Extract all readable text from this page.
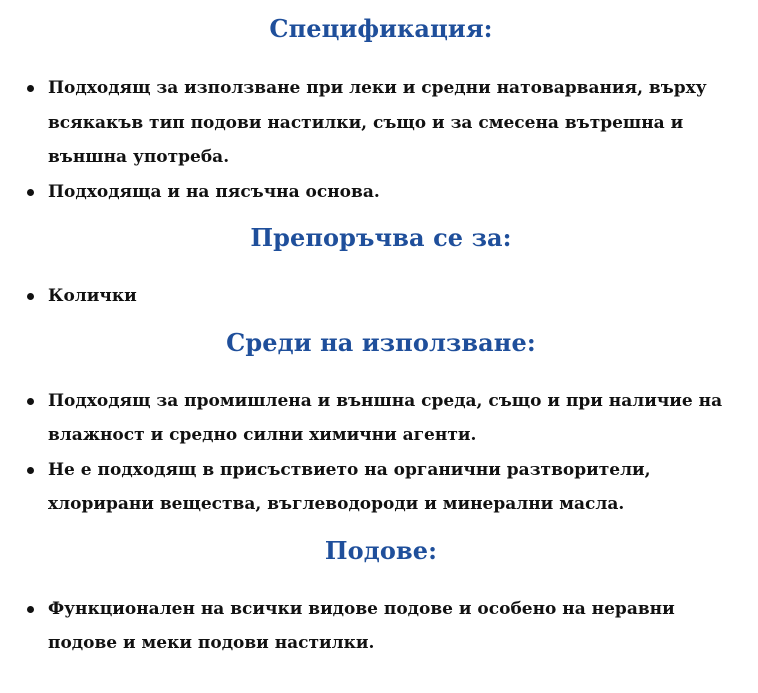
Спецификация:
Подходящ за използване при леки и средни натоварвания, върху всякакъв тип подови настилки, също и за смесена вътрешна и външна употреба.
Подходяща и на пясъчна основа.
Препоръчва се за:
Колички
Среди на използване:
Подходящ за промишлена и външна среда, също и при наличие на влажност и средно силни химични агенти.
Не е подходящ в присъствието на органични разтворители, хлорирани вещества, въглеводороди и минерални масла.
Подове:
Функционален на всички видове подове и особено на неравни подове и меки подови настилки.
